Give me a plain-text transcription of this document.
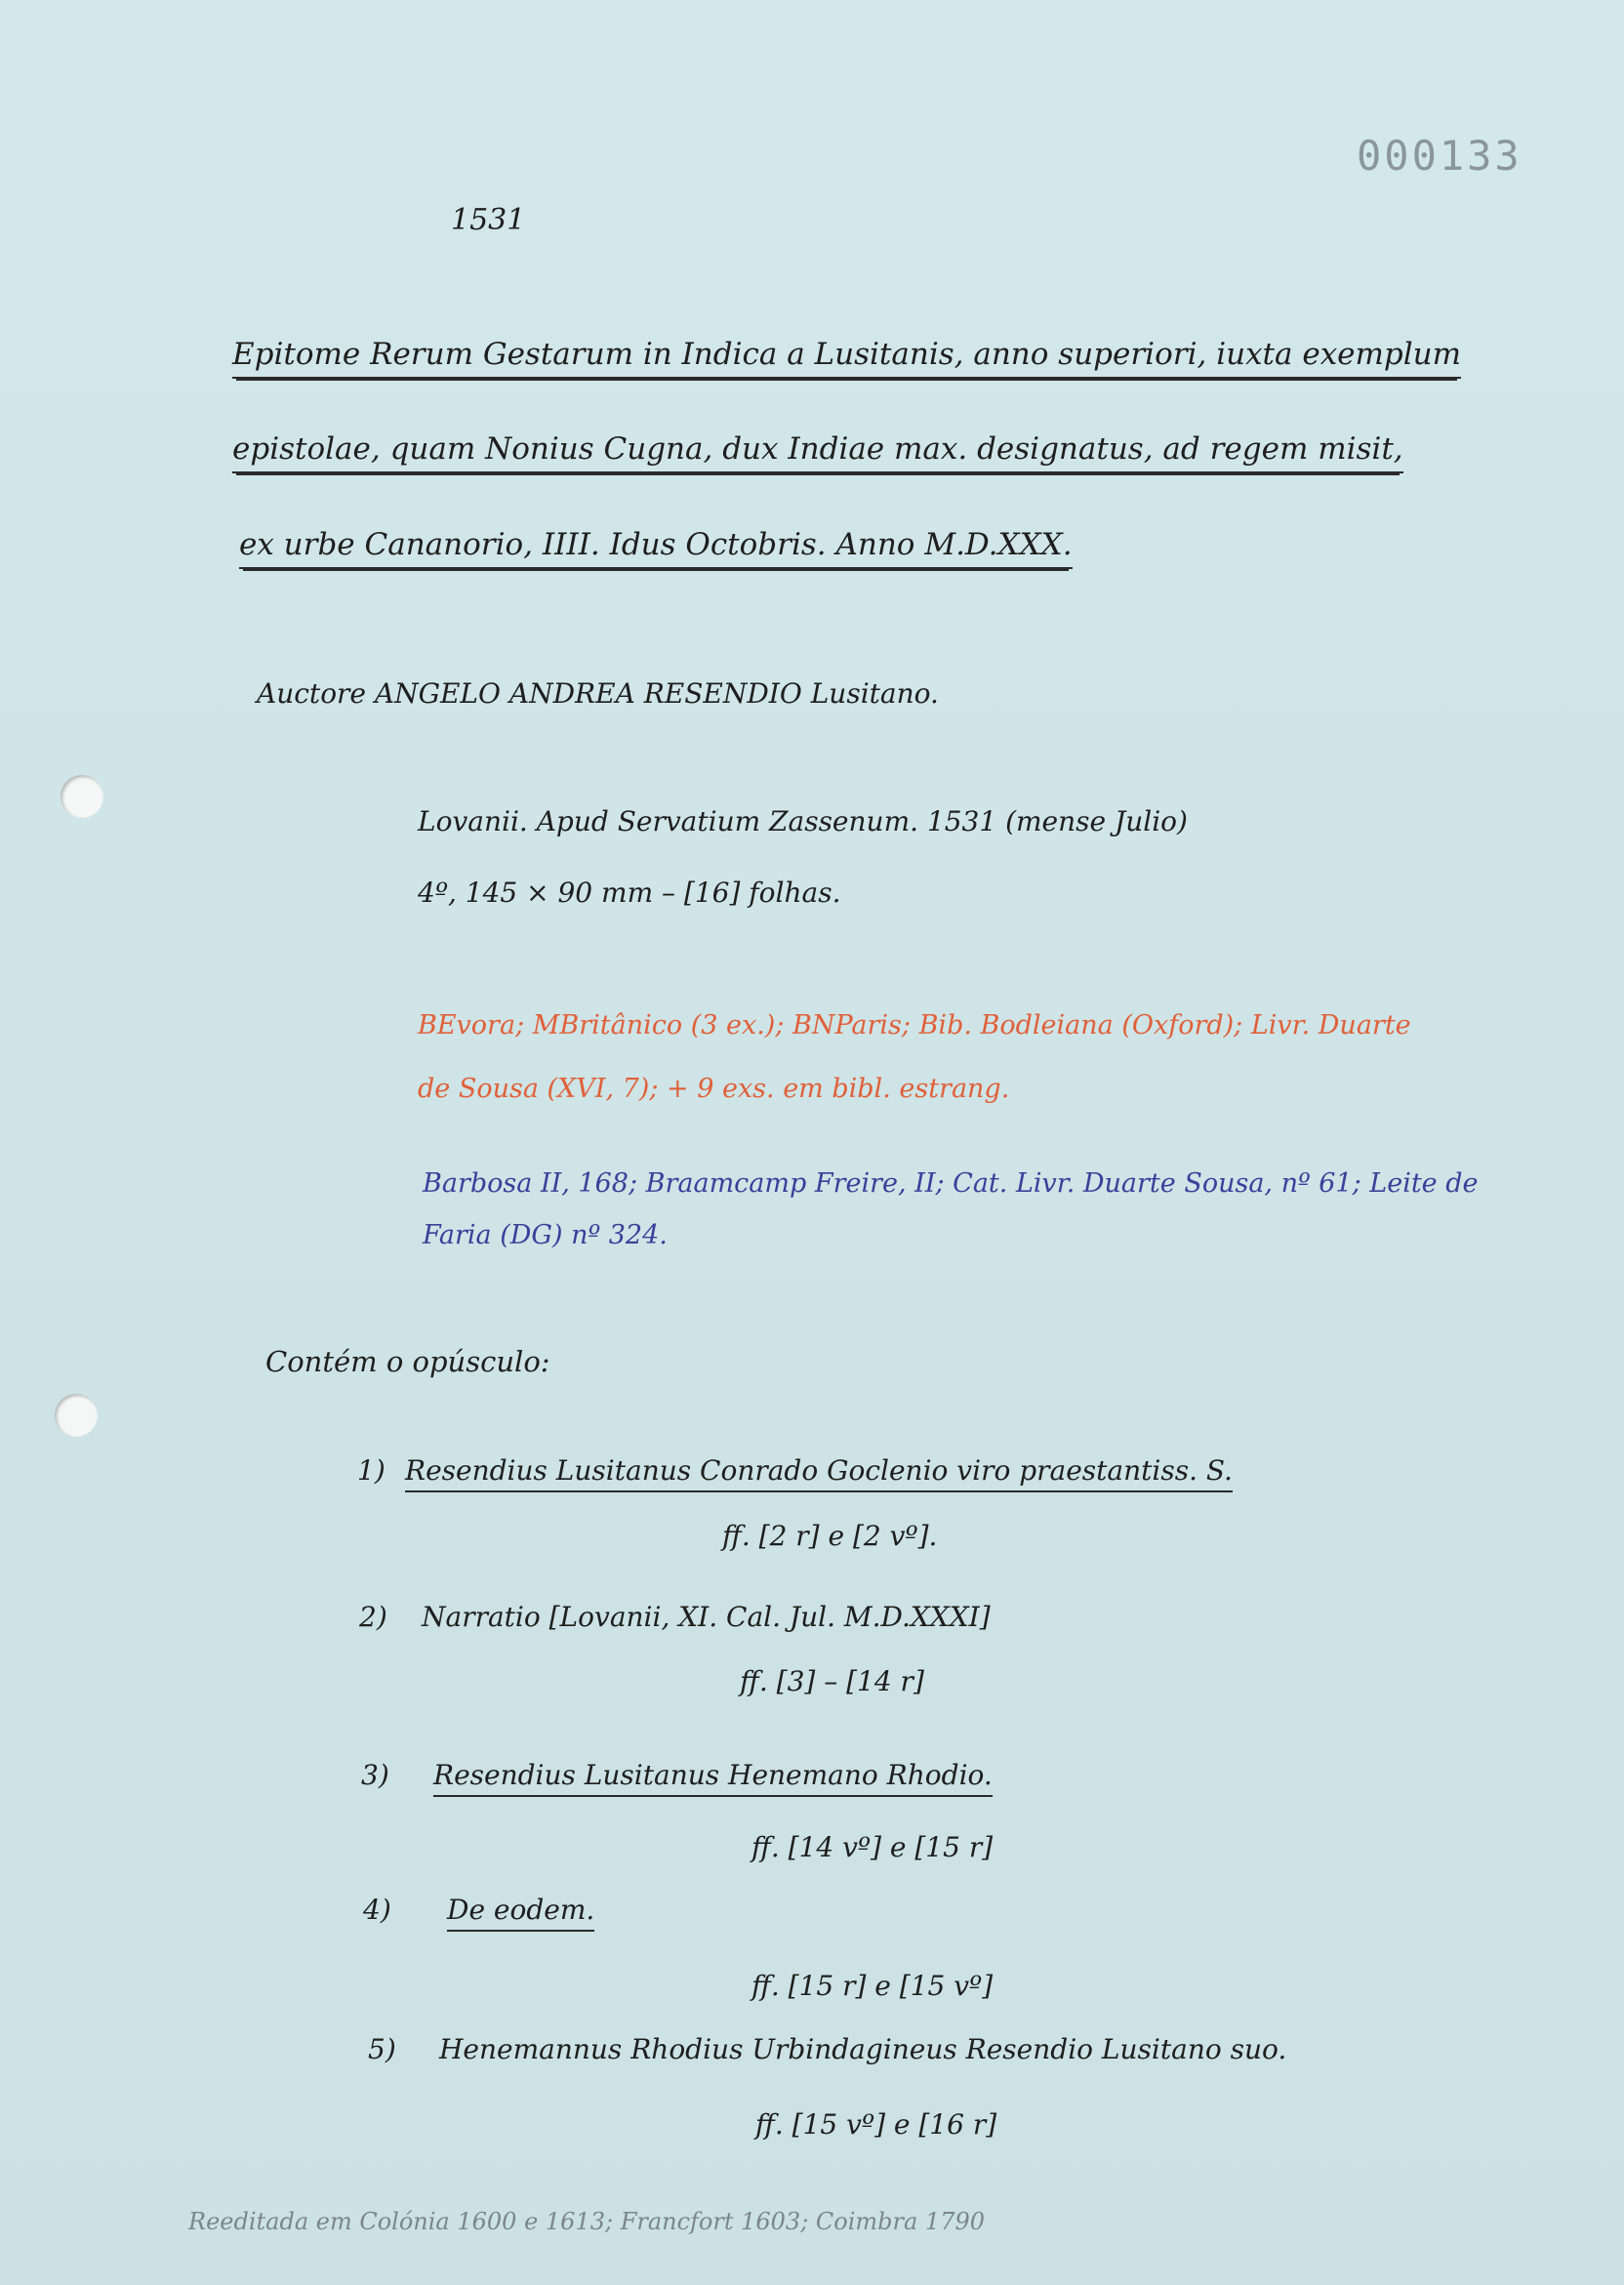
000133
1531
Epitome Rerum Gestarum in Indica a Lusitanis, anno superiori, iuxta exemplum
epistolae, quam Nonius Cugna, dux Indiae max. designatus, ad regem misit,
ex urbe Cananorio, IIII. Idus Octobris. Anno M.D.XXX.
Auctore ANGELO ANDREA RESENDIO Lusitano.
Lovanii. Apud Servatium Zassenum. 1531 (mense Julio)
4º, 145 × 90 mm – [16] folhas.
BEvora; MBritânico (3 ex.); BNParis; Bib. Bodleiana (Oxford); Livr. Duarte
de Sousa (XVI, 7); + 9 exs. em bibl. estrang.
Barbosa II, 168; Braamcamp Freire, II; Cat. Livr. Duarte Sousa, nº 61; Leite de
Faria (DG) nº 324.
Contém o opúsculo:
1) Resendius Lusitanus Conrado Goclenio viro praestantiss. S.
ff. [2 r] e [2 vº].
2) Narratio [Lovanii, XI. Cal. Jul. M.D.XXXI]
ff. [3] – [14 r]
3) Resendius Lusitanus Henemano Rhodio.
ff. [14 vº] e [15 r]
4) De eodem.
ff. [15 r] e [15 vº]
5) Henemannus Rhodius Urbindagineus Resendio Lusitano suo.
ff. [15 vº] e [16 r]
Reeditada em Colónia 1600 e 1613; Francfort 1603; Coimbra 1790
